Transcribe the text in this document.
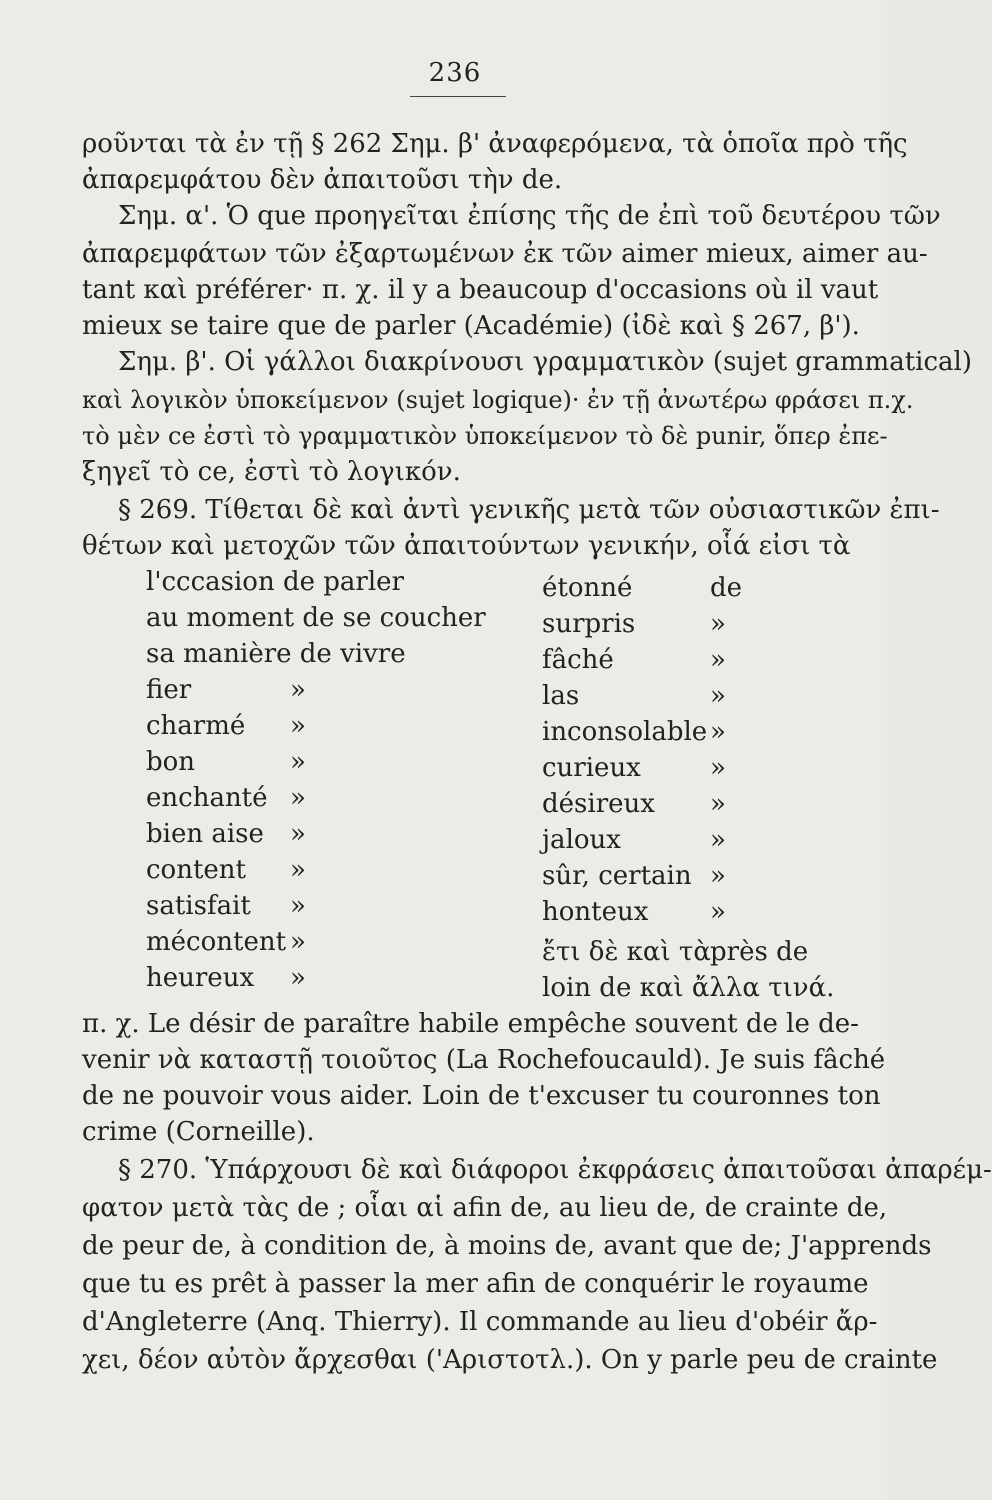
236
ροῦνται τὰ ἐν τῇ § 262 Σημ. β' ἀναφερόμενα, τὰ ὁποῖα πρὸ τῆς
ἀπαρεμφάτου δὲν ἀπαιτοῦσι τὴν de.
Σημ. α'. Ὁ que προηγεῖται ἐπίσης τῆς de ἐπὶ τοῦ δευτέρου τῶν
ἀπαρεμφάτων τῶν ἐξαρτωμένων ἐκ τῶν aimer mieux, aimer au-
tant καὶ préférer· π. χ. il y a beaucoup d'occasions où il vaut
mieux se taire que de parler (Académie) (ἰδὲ καὶ § 267, β').
Σημ. β'. Οἱ γάλλοι διακρίνουσι γραμματικὸν (sujet grammatical)
καὶ λογικὸν ὑποκείμενον (sujet logique)· ἐν τῇ ἀνωτέρω φράσει π.χ.
τὸ μὲν ce ἐστὶ τὸ γραμματικὸν ὑποκείμενον τὸ δὲ punir, ὅπερ ἐπε-
ξηγεῖ τὸ ce, ἐστὶ τὸ λογικόν.
§ 269. Τίθεται δὲ καὶ ἀντὶ γενικῆς μετὰ τῶν οὐσιαστικῶν ἐπι-
θέτων καὶ μετοχῶν τῶν ἀπαιτούντων γενικήν, οἷά εἰσι τὰ
l'cccasion de parler
au moment de se coucher
sa manière de vivre
fier	»
charmé »
bon	»
enchanté »
bien aise »
content »
satisfait »
mécontent »
heureux »
étonné	de
surpris	»
fâché	»
las	»
inconsolable »
curieux	»
désireux »
jaloux	»
sûr, certain »
honteux »
ἔτι δὲ καὶ τὰ près de
loin de καὶ ἄλλα τινά.
π. χ. Le désir de paraître habile empêche souvent de le de-
venir νὰ καταστῇ τοιοῦτος (La Rochefoucauld). Je suis fâché
de ne pouvoir vous aider. Loin de t'excuser tu couronnes ton
crime (Corneille).
§ 270. Ὑπάρχουσι δὲ καὶ διάφοροι ἐκφράσεις ἀπαιτοῦσαι ἀπαρέμ-
φατον μετὰ τὰς de ; οἷαι αἱ afin de, au lieu de, de crainte de,
de peur de, à condition de, à moins de, avant que de; J'apprends
que tu es prêt à passer la mer afin de conquérir le royaume
d'Angleterre (Anq. Thierry). Il commande au lieu d'obéir ἄρ-
χει, δέον αὐτὸν ἄρχεσθαι ('Αριστοτλ.). On y parle peu de crainte
